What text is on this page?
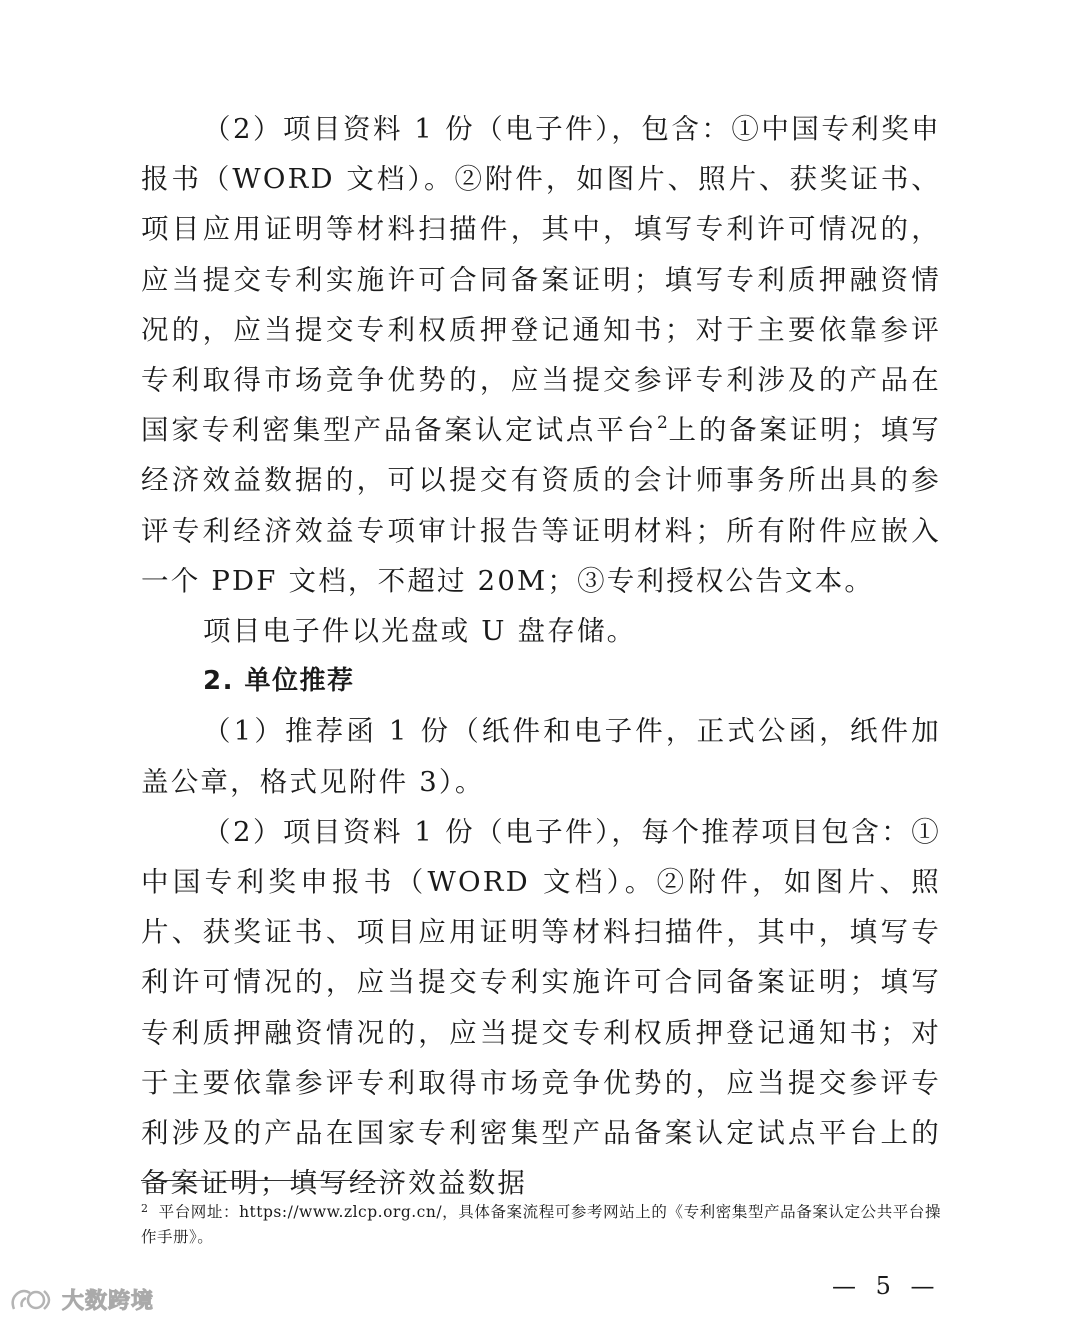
（2）项目资料 1 份（电子件），包含：①中国专利奖申报书（WORD 文档）。②附件，如图片、照片、获奖证书、项目应用证明等材料扫描件，其中，填写专利许可情况的，应当提交专利实施许可合同备案证明；填写专利质押融资情况的，应当提交专利权质押登记通知书；对于主要依靠参评专利取得市场竞争优势的，应当提交参评专利涉及的产品在国家专利密集型产品备案认定试点平台$^2$上的备案证明；填写经济效益数据的，可以提交有资质的会计师事务所出具的参评专利经济效益专项审计报告等证明材料；所有附件应嵌入一个 PDF 文档，不超过 20M；③专利授权公告文本。

项目电子件以光盘或 U 盘存储。

2. 单位推荐

（1）推荐函 1 份（纸件和电子件，正式公函，纸件加盖公章，格式见附件 3）。

（2）项目资料 1 份（电子件），每个推荐项目包含：①中国专利奖申报书（WORD 文档）。②附件，如图片、照片、获奖证书、项目应用证明等材料扫描件，其中，填写专利许可情况的，应当提交专利实施许可合同备案证明；填写专利质押融资情况的，应当提交专利权质押登记通知书；对于主要依靠参评专利取得市场竞争优势的，应当提交参评专利涉及的产品在国家专利密集型产品备案认定试点平台上的备案证明；填写经济效益数据

$^2$ 平台网址：https://www.zlcp.org.cn/，具体备案流程可参考网站上的《专利密集型产品备案认定公共平台操作手册》。
— 5 —
大数跨境
